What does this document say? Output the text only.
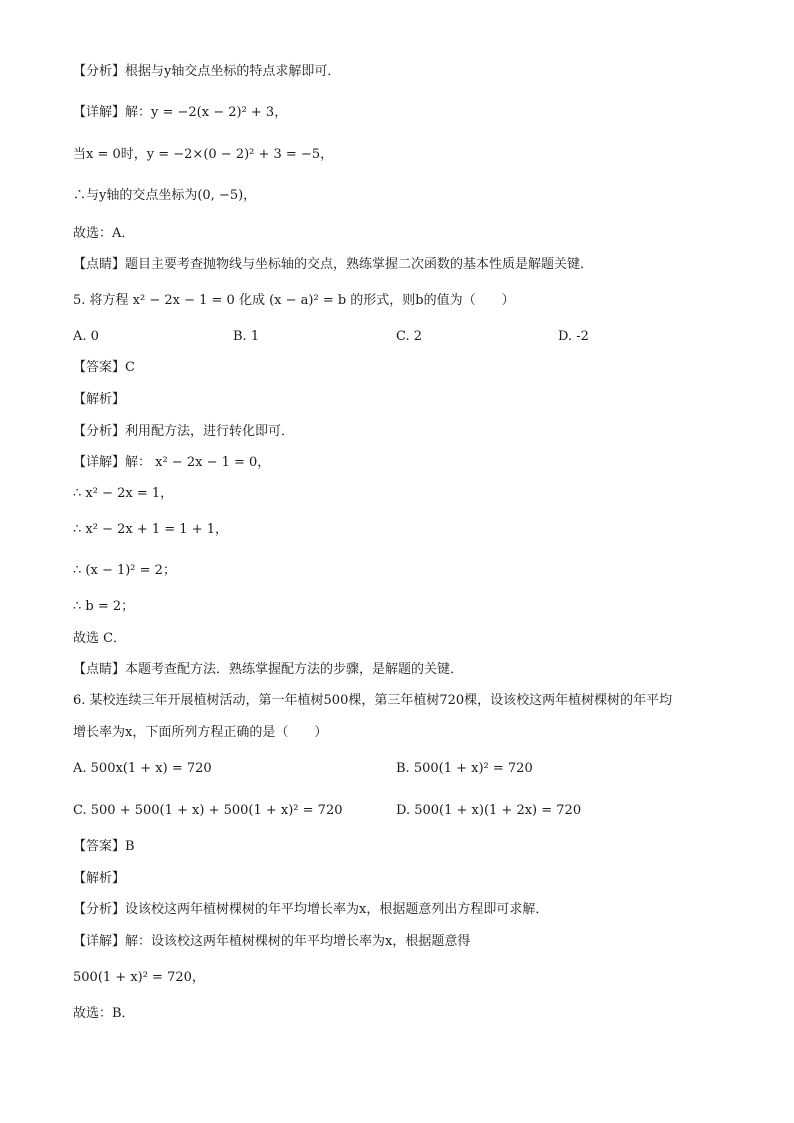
【分析】根据与y轴交点坐标的特点求解即可．
【详解】解：y = −2(x − 2)² + 3，
当x = 0时，y = −2×(0 − 2)² + 3 = −5，
∴与y轴的交点坐标为(0, −5)，
故选：A．
【点睛】题目主要考查抛物线与坐标轴的交点，熟练掌握二次函数的基本性质是解题关键．
5. 将方程 x² − 2x − 1 = 0 化成 (x − a)² = b 的形式，则b的值为（　　）
A. 0	B. 1	C. 2	D. -2
【答案】C
【解析】
【分析】利用配方法，进行转化即可．
【详解】解： x² − 2x − 1 = 0，
∴ x² − 2x = 1，
∴ x² − 2x + 1 = 1 + 1，
∴ (x − 1)² = 2；
∴ b = 2；
故选 C．
【点睛】本题考查配方法．熟练掌握配方法的步骤，是解题的关键．
6. 某校连续三年开展植树活动，第一年植树500棵，第三年植树720棵，设该校这两年植树棵树的年平均
增长率为x，下面所列方程正确的是（　　）
A. 500x(1 + x) = 720	B. 500(1 + x)² = 720
C. 500 + 500(1 + x) + 500(1 + x)² = 720	D. 500(1 + x)(1 + 2x) = 720
【答案】B
【解析】
【分析】设该校这两年植树棵树的年平均增长率为x，根据题意列出方程即可求解．
【详解】解：设该校这两年植树棵树的年平均增长率为x，根据题意得
500(1 + x)² = 720，
故选：B．
